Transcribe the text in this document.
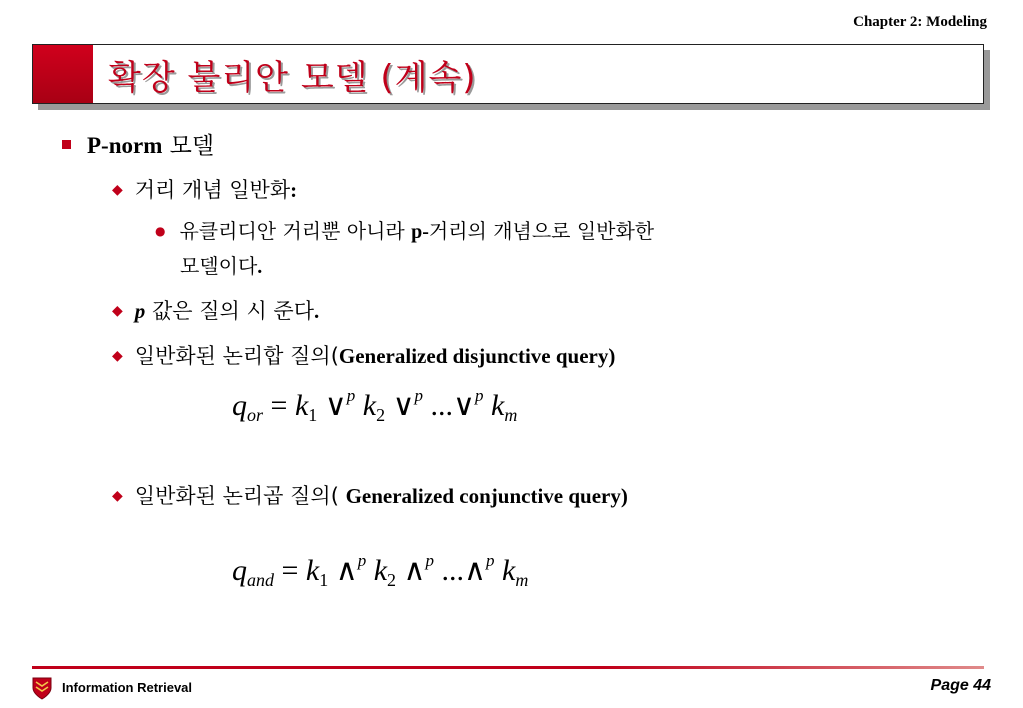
Chapter 2: Modeling
확장 불리안 모델 (계속)
P-norm 모델
◆ 거리 개념 일반화:
● 유클리디안 거리뿐 아니라 p-거리의 개념으로 일반화한
모델이다.
◆ p 값은 질의 시 준다.
◆ 일반화된 논리합 질의(Generalized disjunctive query)
$q_{or} = k_1$ ∨$^p$ $k_2$ ∨$^p$ ...∨$^p$ $k_m$
◆ 일반화된 논리곱 질의( Generalized conjunctive query)
$q_{and} = k_1$ ∧$^p$ $k_2$ ∧$^p$ ...∧$^p$ $k_m$
Information Retrieval	Page 44
